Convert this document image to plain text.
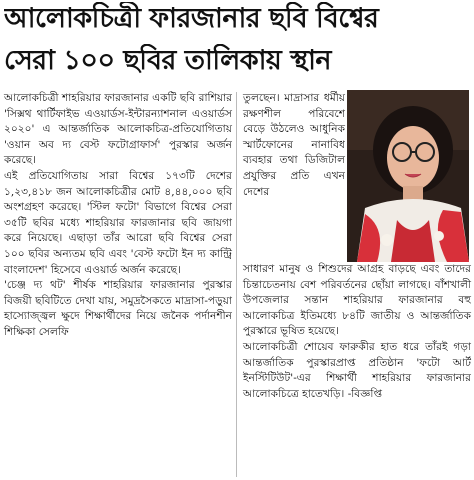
আলোকচিত্রী ফারজানার ছবি বিশ্বের
সেরা ১০০ ছবির তালিকায় স্থান

আলোকচিত্রী শাহরিয়ার ফারজানার একটি ছবি রাশিয়ার 'সিক্সথ থার্টিফাইভ এওয়ার্ডস-ইন্টারন্যাশনাল এওয়ার্ডস ২০২০' এ আন্তর্জাতিক আলোকচিত্র-প্রতিযোগিতায় 'ওয়ান অব দ্য বেস্ট ফটোগ্রাফার্স' পুরস্কার অর্জন করেছে।

এই প্রতিযোগিতায় সারা বিশ্বের ১৭৩টি দেশের ১,২৩,৪১৮ জন আলোকচিত্রীর মোট ৪,৪৪,০০০ ছবি অংশগ্রহণ করেছে। 'স্টিল ফটো' বিভাগে বিশ্বের সেরা ৩৫টি ছবির মধ্যে শাহরিয়ার ফারজানার ছবি জায়গা করে নিয়েছে। এছাড়া তাঁর আরো ছবি বিশ্বের সেরা ১০০ ছবির অন্যতম ছবি এবং 'বেস্ট ফটো ইন দ্য কান্ট্রি বাংলাদেশ' হিসেবে এওয়ার্ড অর্জন করেছে।

'চেঞ্জ দ্য থট' শীর্ষক শাহরিয়ার ফারজানার পুরস্কার বিজয়ী ছবিটিতে দেখা যায়, সমুদ্রসৈকতে মাদ্রাসা-পড়ুয়া হাস্যোজ্জ্বল ক্ষুদে শিক্ষার্থীদের নিয়ে জনৈক পর্দানশীন শিক্ষিকা সেলফি

তুলছেন। মাদ্রাসার ধর্মীয় রক্ষণশীল পরিবেশে বেড়ে উঠলেও আধুনিক স্মার্টফোনের নানাবিধ ব্যবহার তথা ডিজিটাল প্রযুক্তির প্রতি এখন দেশের

সাধারণ মানুষ ও শিশুদের আগ্রহ বাড়ছে এবং তাদের চিন্তাচেতনায় বেশ পরিবর্তনের ছোঁয়া লাগছে। বাঁশখালী উপজেলার সন্তান শাহরিয়ার ফারজানার বহু আলোকচিত্র ইতিমধ্যে ৮৪টি জাতীয় ও আন্তর্জাতিক পুরস্কারে ভূষিত হয়েছে।

আলোকচিত্রী শোয়েব ফারুকীর হাত ধরে তাঁরই গড়া আন্তর্জাতিক পুরস্কারপ্রাপ্ত প্রতিষ্ঠান 'ফটো আর্ট ইনস্টিটিউট'-এর শিক্ষার্থী শাহরিয়ার ফারজানার আলোকচিত্রে হাতেখড়ি। -বিজ্ঞপ্তি
